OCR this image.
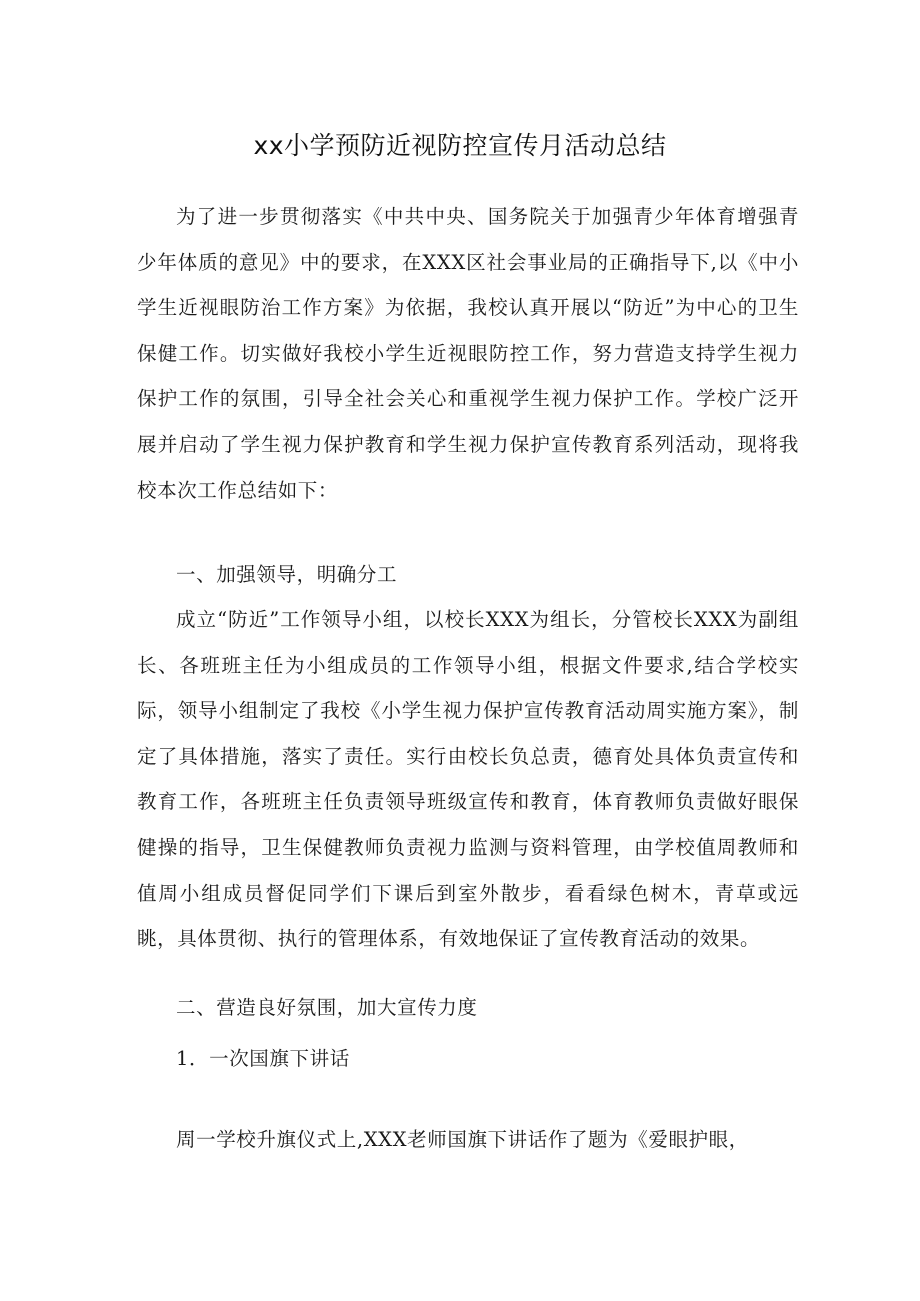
xx小学预防近视防控宣传月活动总结

为了进一步贯彻落实《中共中央、国务院关于加强青少年体育增强青少年体质的意见》中的要求，在XXX区社会事业局的正确指导下,以《中小学生近视眼防治工作方案》为依据，我校认真开展以“防近”为中心的卫生保健工作。切实做好我校小学生近视眼防控工作，努力营造支持学生视力保护工作的氛围，引导全社会关心和重视学生视力保护工作。学校广泛开展并启动了学生视力保护教育和学生视力保护宣传教育系列活动，现将我校本次工作总结如下：

一、加强领导，明确分工

成立“防近”工作领导小组，以校长XXX为组长，分管校长XXX为副组长、各班班主任为小组成员的工作领导小组，根据文件要求,结合学校实际，领导小组制定了我校《小学生视力保护宣传教育活动周实施方案》，制定了具体措施，落实了责任。实行由校长负总责，德育处具体负责宣传和教育工作，各班班主任负责领导班级宣传和教育，体育教师负责做好眼保健操的指导，卫生保健教师负责视力监测与资料管理，由学校值周教师和值周小组成员督促同学们下课后到室外散步，看看绿色树木，青草或远眺，具体贯彻、执行的管理体系，有效地保证了宣传教育活动的效果。

二、营造良好氛围，加大宣传力度

1．一次国旗下讲话

周一学校升旗仪式上,XXX老师国旗下讲话作了题为《爱眼护眼，
